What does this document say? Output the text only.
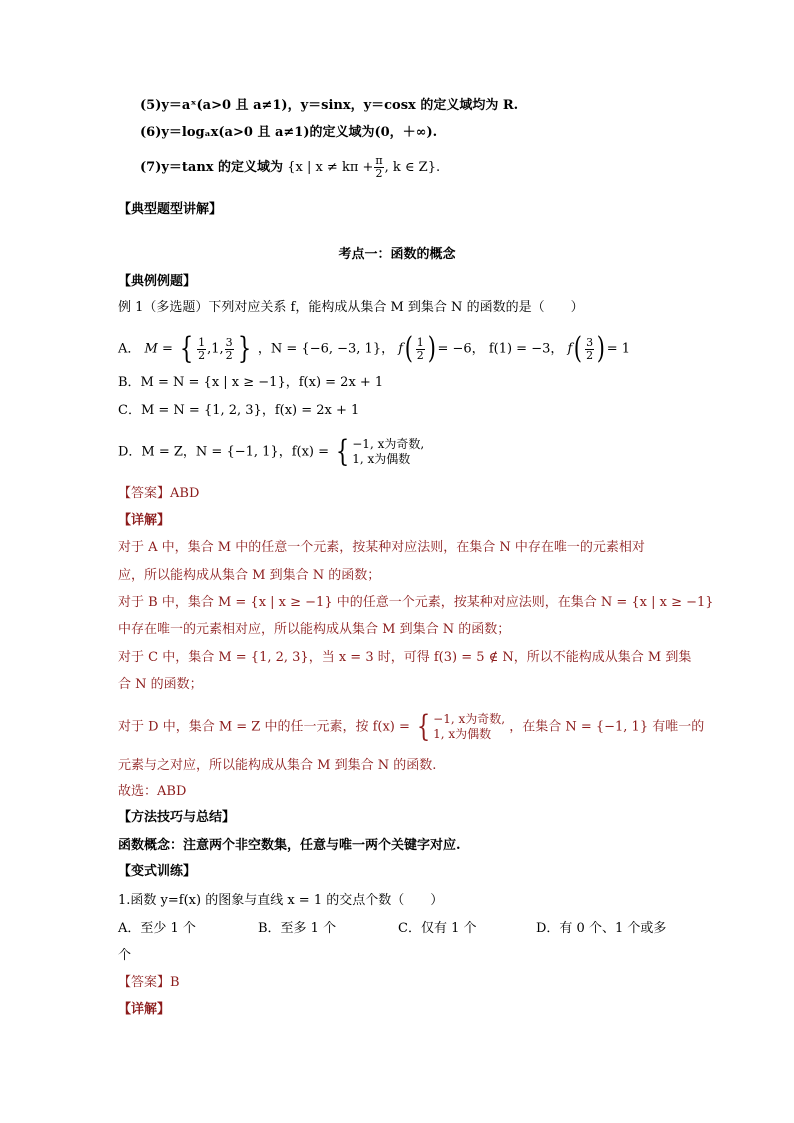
(5)y＝aˣ(a>0 且 a≠1)，y＝sinx，y＝cosx 的定义域均为 R.
(6)y＝logₐx(a>0 且 a≠1)的定义域为(0，＋∞).
(7)y＝tanx 的定义域为 {x | $x \ne k\pi + \frac{\pi}{2}$ , k ∈ Z}.
【典型题型讲解】
考点一：函数的概念
【典例例题】
例 1（多选题）下列对应关系 f，能构成从集合 M 到集合 N 的函数的是（　　）
A． M = { $\frac{1}{2} ,1$, $\frac{3}{2}$ } ，N = {−6, −3, 1}， $f( \frac{1}{2}$ ) = −6， f(1) = −3， $f( \frac{3}{2}$ ) = 1
B．M = N = {x | x ≥ −1}，f(x) = 2x + 1
C．M = N = {1, 2, 3}，f(x) = 2x + 1
D．M = Z，N = {−1, 1}，f(x) = { −1, x为奇数,
1, x为偶数
【答案】ABD
【详解】
对于 A 中，集合 M 中的任意一个元素，按某种对应法则，在集合 N 中存在唯一的元素相对
应，所以能构成从集合 M 到集合 N 的函数；
对于 B 中，集合 M = {x | x ≥ −1} 中的任意一个元素，按某种对应法则，在集合 N = {x | x ≥ −1}
中存在唯一的元素相对应，所以能构成从集合 M 到集合 N 的函数；
对于 C 中，集合 M = {1, 2, 3}，当 x = 3 时，可得 f(3) = 5 ∉ N，所以不能构成从集合 M 到集
合 N 的函数；
对于 D 中，集合 M = Z 中的任一元素，按 f(x) = { −1, x为奇数,
1, x为偶数	，在集合 N = {−1, 1} 有唯一的
元素与之对应，所以能构成从集合 M 到集合 N 的函数.
故选：ABD
【方法技巧与总结】
函数概念：注意两个非空数集，任意与唯一两个关键字对应.
【变式训练】
1.函数 y=f(x) 的图象与直线 x = 1 的交点个数（　　）
A．至少 1 个	B．至多 1 个	C．仅有 1 个	D．有 0 个、1 个或多
个
【答案】B
【详解】
